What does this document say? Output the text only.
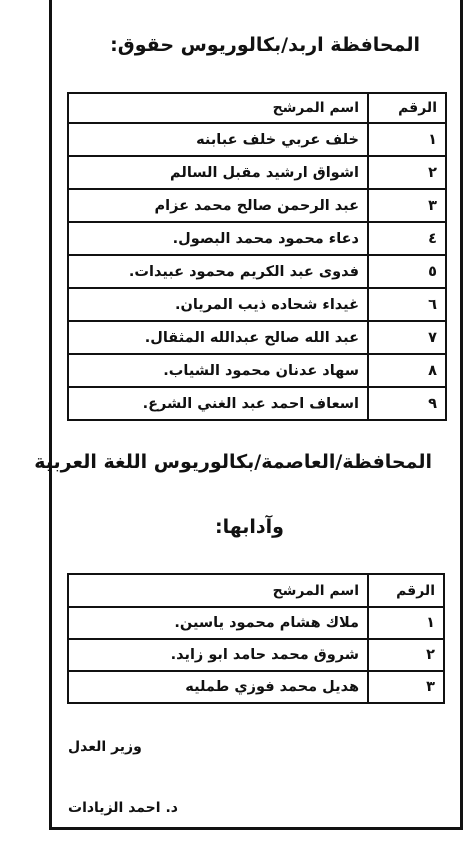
المحافظة اربد/بكالوريوس حقوق:
الرقم	اسم المرشح
١	خلف عربي خلف عبابنه
٢	اشواق ارشيد مقبل السالم
٣	عبد الرحمن صالح محمد عزام
٤	دعاء محمود محمد البصول.
٥	فدوى عبد الكريم محمود عبيدات.
٦	غيداء شحاده ذيب المريان.
٧	عبد الله صالح عبدالله المثقال.
٨	سهاد عدنان محمود الشياب.
٩	اسعاف احمد عبد الغني الشرع.
المحافظة/العاصمة/بكالوريوس اللغة العربية
وآدابها:
الرقم	اسم المرشح
١	ملاك هشام محمود ياسين.
٢	شروق محمد حامد ابو زايد.
٣	هديل محمد فوزي طمليه
وزير العدل
د. احمد الزيادات
